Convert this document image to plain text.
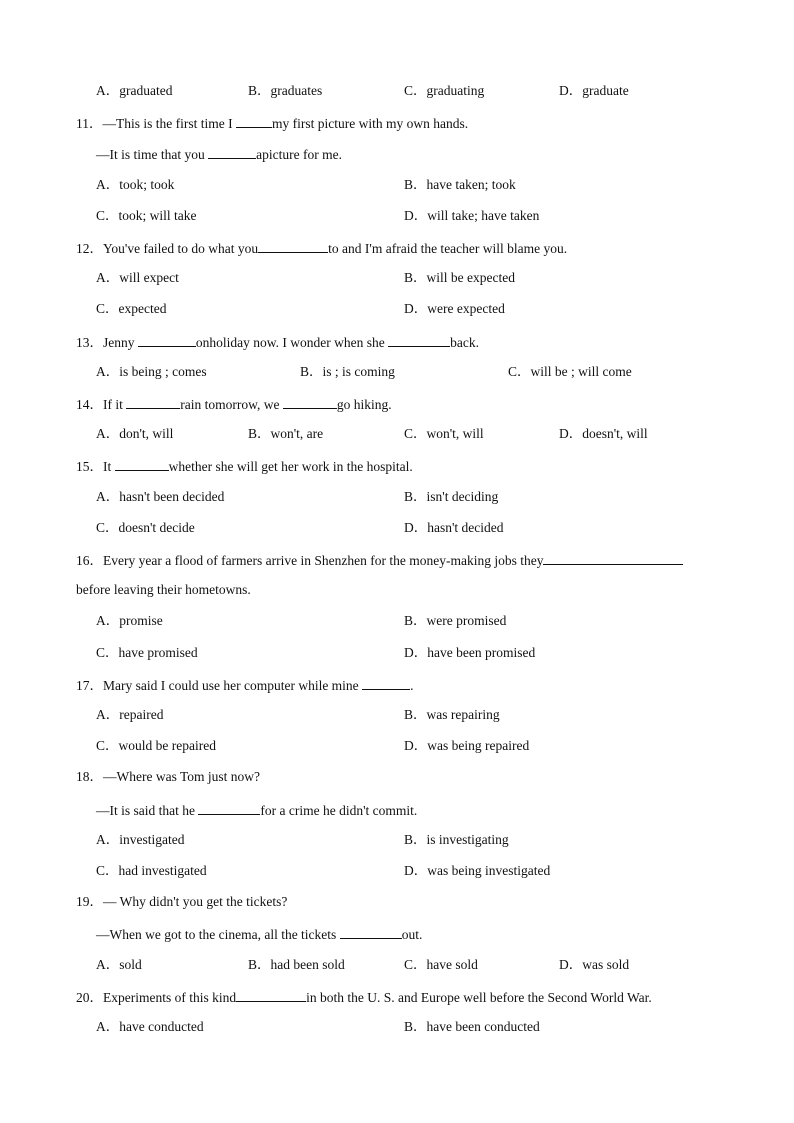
A．graduated	B．graduates	C．graduating	D．graduate
11．—This is the first time I	my first picture with my own hands.
—It is time that you	apicture for me.
A．took; took	B．have taken; took
C．took; will take	D．will take; have taken
12．You've failed to do what you	to and I'm afraid the teacher will blame you.
A．will expect	B．will be expected
C．expected	D．were expected
13．Jenny	onholiday now. I wonder when she	back.
A．is being ; comes	B．is ; is coming	C．will be ; will come
14．If it	rain tomorrow, we	go hiking.
A．don't, will	B．won't, are	C．won't, will	D．doesn't, will
15．It	whether she will get her work in the hospital.
A．hasn't been decided	B．isn't deciding
C．doesn't decide	D．hasn't decided
16．Every year a flood of farmers arrive in Shenzhen for the money-making jobs they
before leaving their hometowns.
A．promise	B．were promised
C．have promised	D．have been promised
17．Mary said I could use her computer while mine	.
A．repaired	B．was repairing
C．would be repaired	D．was being repaired
18．—Where was Tom just now?
—It is said that he	for a crime he didn't commit.
A．investigated	B．is investigating
C．had investigated	D．was being investigated
19．— Why didn't you get the tickets?
—When we got to the cinema, all the tickets	out.
A．sold	B．had been sold	C．have sold	D．was sold
20．Experiments of this kind	in both the U. S. and Europe well before the Second World War.
A．have conducted	B．have been conducted
